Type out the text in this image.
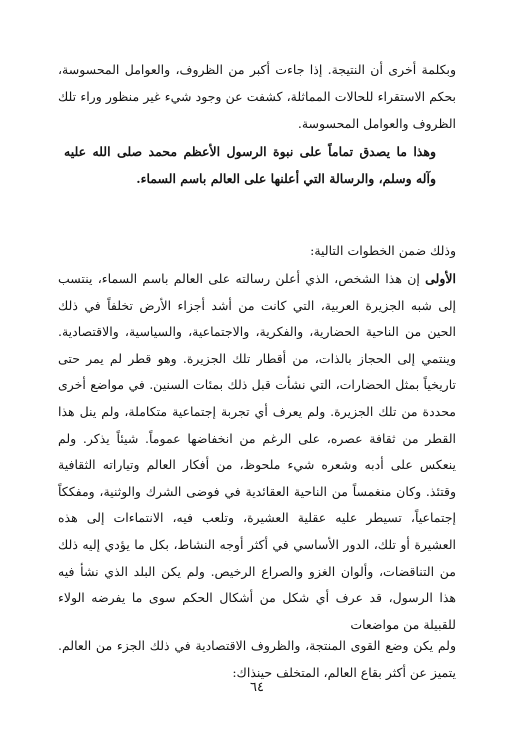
وبكلمة أخرى أن النتيجة. إذا جاءت أكبر من الظروف، والعوامل المحسوسة، بحكم الاستقراء للحالات المماثلة، كشفت عن وجود شيء غير منظور وراء تلك الظروف والعوامل المحسوسة.

وهذا ما يصدق تماماً على نبوة الرسول الأعظم محمد صلى الله عليه وآله وسلم، والرسالة التي أعلنها على العالم باسم السماء.

وذلك ضمن الخطوات التالية:

الأولى إن هذا الشخص، الذي أعلن رسالته على العالم باسم السماء، ينتسب إلى شبه الجزيرة العربية، التي كانت من أشد أجزاء الأرض تخلفاً في ذلك الحين من الناحية الحضارية، والفكرية، والاجتماعية، والسياسية، والاقتصادية. وينتمي إلى الحجاز بالذات، من أقطار تلك الجزيرة. وهو قطر لم يمر حتى تاريخياً بمثل الحضارات، التي نشأت قبل ذلك بمئات السنين. في مواضع أخرى محددة من تلك الجزيرة. ولم يعرف أي تجربة إجتماعية متكاملة، ولم ينل هذا القطر من ثقافة عصره، على الرغم من انخفاضها عموماً. شيئاً يذكر. ولم ينعكس على أدبه وشعره شيء ملحوظ، من أفكار العالم وتياراته الثقافية وقتئذ. وكان منغمساً من الناحية العقائدية في فوضى الشرك والوثنية، ومفككاً إجتماعياً، تسيطر عليه عقلية العشيرة، وتلعب فيه، الانتماءات إلى هذه العشيرة أو تلك، الدور الأساسي في أكثر أوجه النشاط، بكل ما يؤدي إليه ذلك من التناقضات، وألوان الغزو والصراع الرخيص. ولم يكن البلد الذي نشأ فيه هذا الرسول، قد عرف أي شكل من أشكال الحكم سوى ما يفرضه الولاء للقبيلة من مواضعات

ولم يكن وضع القوى المنتجة، والظروف الاقتصادية في ذلك الجزء من العالم. يتميز عن أكثر بقاع العالم، المتخلف حينذاك:

٦٤
